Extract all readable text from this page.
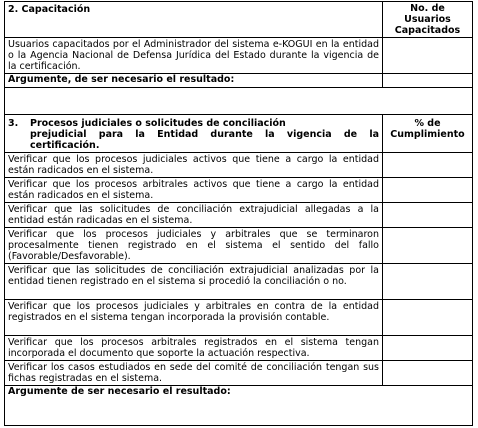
2. Capacitación	No. de Usuarios Capacitados
Usuarios capacitados por el Administrador del sistema e-KOGUI en la entidad o la Agencia Nacional de Defensa Jurídica del Estado durante la vigencia de la certificación.	
Argumente, de ser necesario el resultado:	

3. Procesos judiciales o solicitudes de conciliación
prejudicial para la Entidad durante la vigencia de la certificación.	% de Cumplimiento
Verificar que los procesos judiciales activos que tiene a cargo la entidad están radicados en el sistema.	
Verificar que los procesos arbitrales activos que tiene a cargo la entidad están radicados en el sistema.	
Verificar que las solicitudes de conciliación extrajudicial allegadas a la entidad están radicadas en el sistema.	
Verificar que los procesos judiciales y arbitrales que se terminaron procesalmente tienen registrado en el sistema el sentido del fallo (Favorable/Desfavorable).	
Verificar que las solicitudes de conciliación extrajudicial analizadas por la entidad tienen registrado en el sistema si procedió la conciliación o no.	
Verificar que los procesos judiciales y arbitrales en contra de la entidad registrados en el sistema tengan incorporada la provisión contable.	
Verificar que los procesos arbitrales registrados en el sistema tengan incorporada el documento que soporte la actuación respectiva.	
Verificar los casos estudiados en sede del comité de conciliación tengan sus fichas registradas en el sistema.	
Argumente de ser necesario el resultado:	
